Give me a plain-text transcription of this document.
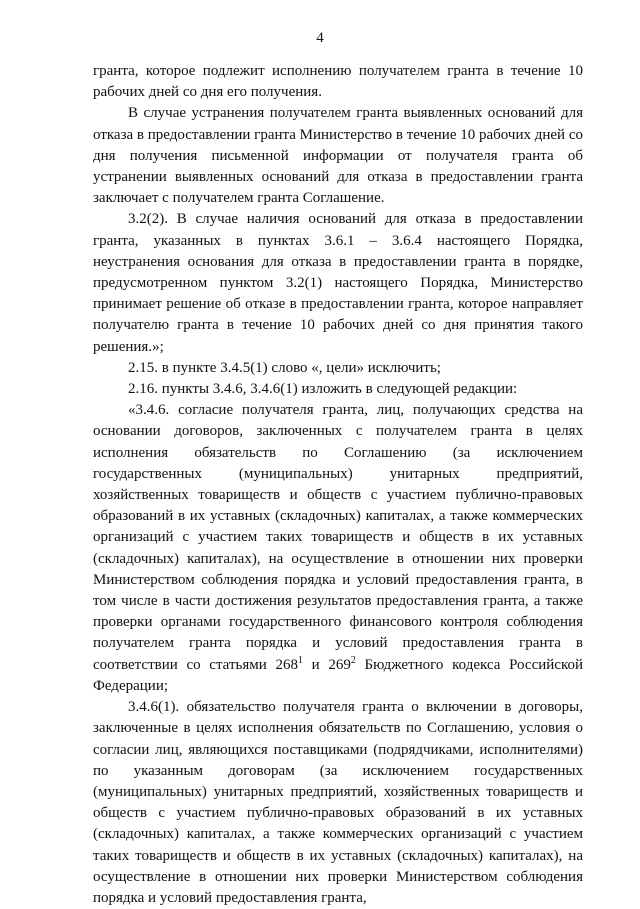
4

гранта, которое подлежит исполнению получателем гранта в течение 10 рабочих дней со дня его получения.

В случае устранения получателем гранта выявленных оснований для отказа в предоставлении гранта Министерство в течение 10 рабочих дней со дня получения письменной информации от получателя гранта об устранении выявленных оснований для отказа в предоставлении гранта заключает с получателем гранта Соглашение.

3.2(2). В случае наличия оснований для отказа в предоставлении гранта, указанных в пунктах 3.6.1 – 3.6.4 настоящего Порядка, неустранения основания для отказа в предоставлении гранта в порядке, предусмотренном пунктом 3.2(1) настоящего Порядка, Министерство принимает решение об отказе в предоставлении гранта, которое направляет получателю гранта в течение 10 рабочих дней со дня принятия такого решения.»;

2.15. в пункте 3.4.5(1) слово «, цели» исключить;

2.16. пункты 3.4.6, 3.4.6(1) изложить в следующей редакции:

«3.4.6. согласие получателя гранта, лиц, получающих средства на основании договоров, заключенных с получателем гранта в целях исполнения обязательств по Соглашению (за исключением государственных (муниципальных) унитарных предприятий, хозяйственных товариществ и обществ с участием публично-правовых образований в их уставных (складочных) капиталах, а также коммерческих организаций с участием таких товариществ и обществ в их уставных (складочных) капиталах), на осуществление в отношении них проверки Министерством соблюдения порядка и условий предоставления гранта, в том числе в части достижения результатов предоставления гранта, а также проверки органами государственного финансового контроля соблюдения получателем гранта порядка и условий предоставления гранта в соответствии со статьями $268^1$ и $269^2$ Бюджетного кодекса Российской Федерации;

3.4.6(1). обязательство получателя гранта о включении в договоры, заключенные в целях исполнения обязательств по Соглашению, условия о согласии лиц, являющихся поставщиками (подрядчиками, исполнителями) по указанным договорам (за исключением государственных (муниципальных) унитарных предприятий, хозяйственных товариществ и обществ с участием публично-правовых образований в их уставных (складочных) капиталах, а также коммерческих организаций с участием таких товариществ и обществ в их уставных (складочных) капиталах), на осуществление в отношении них проверки Министерством соблюдения порядка и условий предоставления гранта,
